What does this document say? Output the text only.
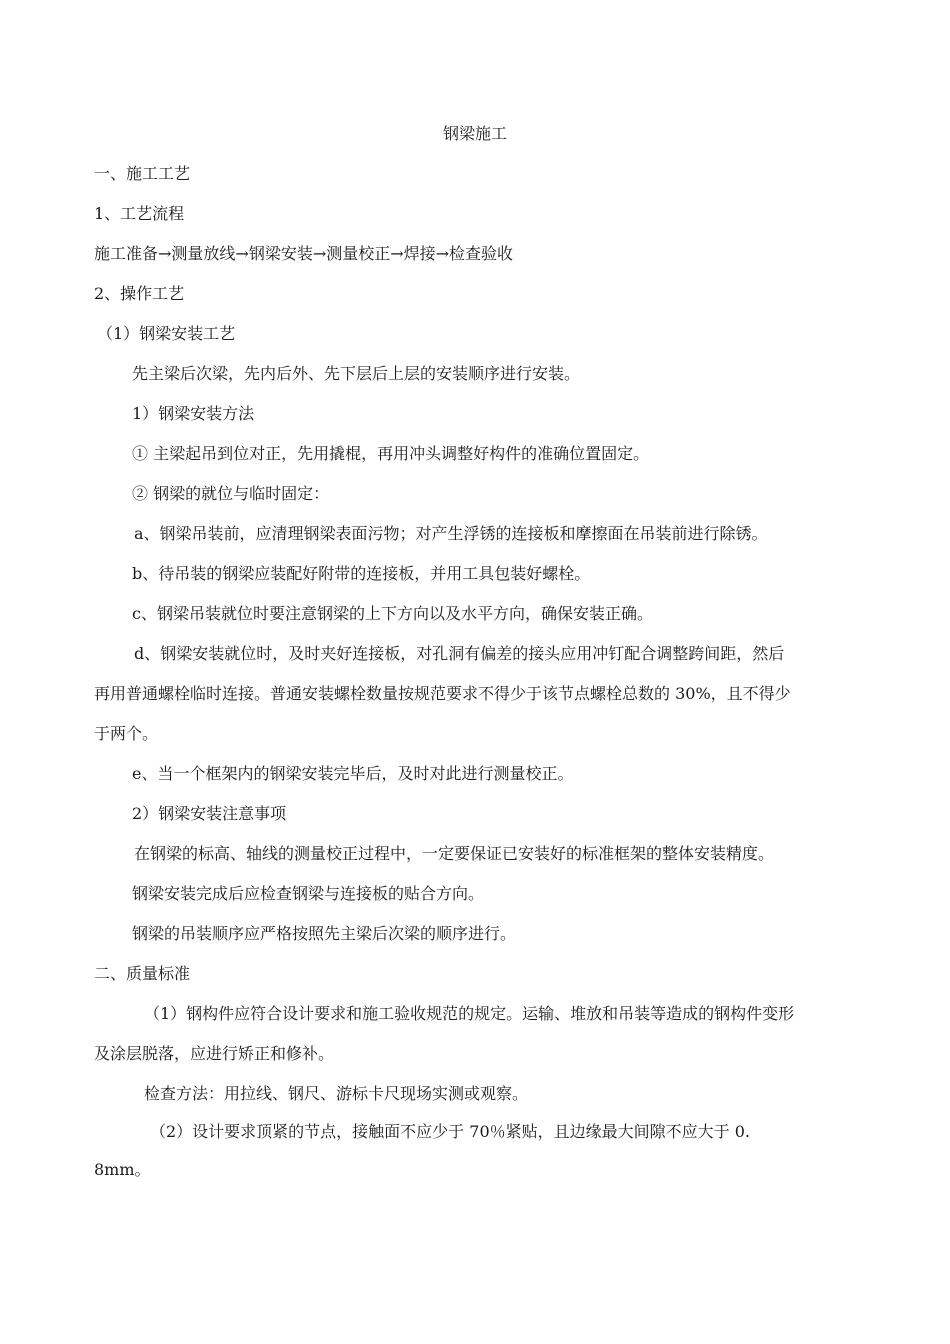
钢梁施工
一、施工工艺
1、工艺流程
施工准备→测量放线→钢梁安装→测量校正→焊接→检查验收
2、操作工艺
（1）钢梁安装工艺
先主梁后次梁，先内后外、先下层后上层的安装顺序进行安装。
1）钢梁安装方法
① 主梁起吊到位对正，先用撬棍，再用冲头调整好构件的准确位置固定。
② 钢梁的就位与临时固定：
a、钢梁吊装前，应清理钢梁表面污物；对产生浮锈的连接板和摩擦面在吊装前进行除锈。
b、待吊装的钢梁应装配好附带的连接板，并用工具包装好螺栓。
c、钢梁吊装就位时要注意钢梁的上下方向以及水平方向，确保安装正确。
d、钢梁安装就位时，及时夹好连接板，对孔洞有偏差的接头应用冲钉配合调整跨间距，然后
再用普通螺栓临时连接。普通安装螺栓数量按规范要求不得少于该节点螺栓总数的 30%，且不得少
于两个。
e、当一个框架内的钢梁安装完毕后，及时对此进行测量校正。
2）钢梁安装注意事项
在钢梁的标高、轴线的测量校正过程中，一定要保证已安装好的标准框架的整体安装精度。
钢梁安装完成后应检查钢梁与连接板的贴合方向。
钢梁的吊装顺序应严格按照先主梁后次梁的顺序进行。
二、质量标准
（1）钢构件应符合设计要求和施工验收规范的规定。运输、堆放和吊装等造成的钢构件变形
及涂层脱落，应进行矫正和修补。
检查方法：用拉线、钢尺、游标卡尺现场实测或观察。
（2）设计要求顶紧的节点，接触面不应少于 70％紧贴，且边缘最大间隙不应大于 0.
8mm。
